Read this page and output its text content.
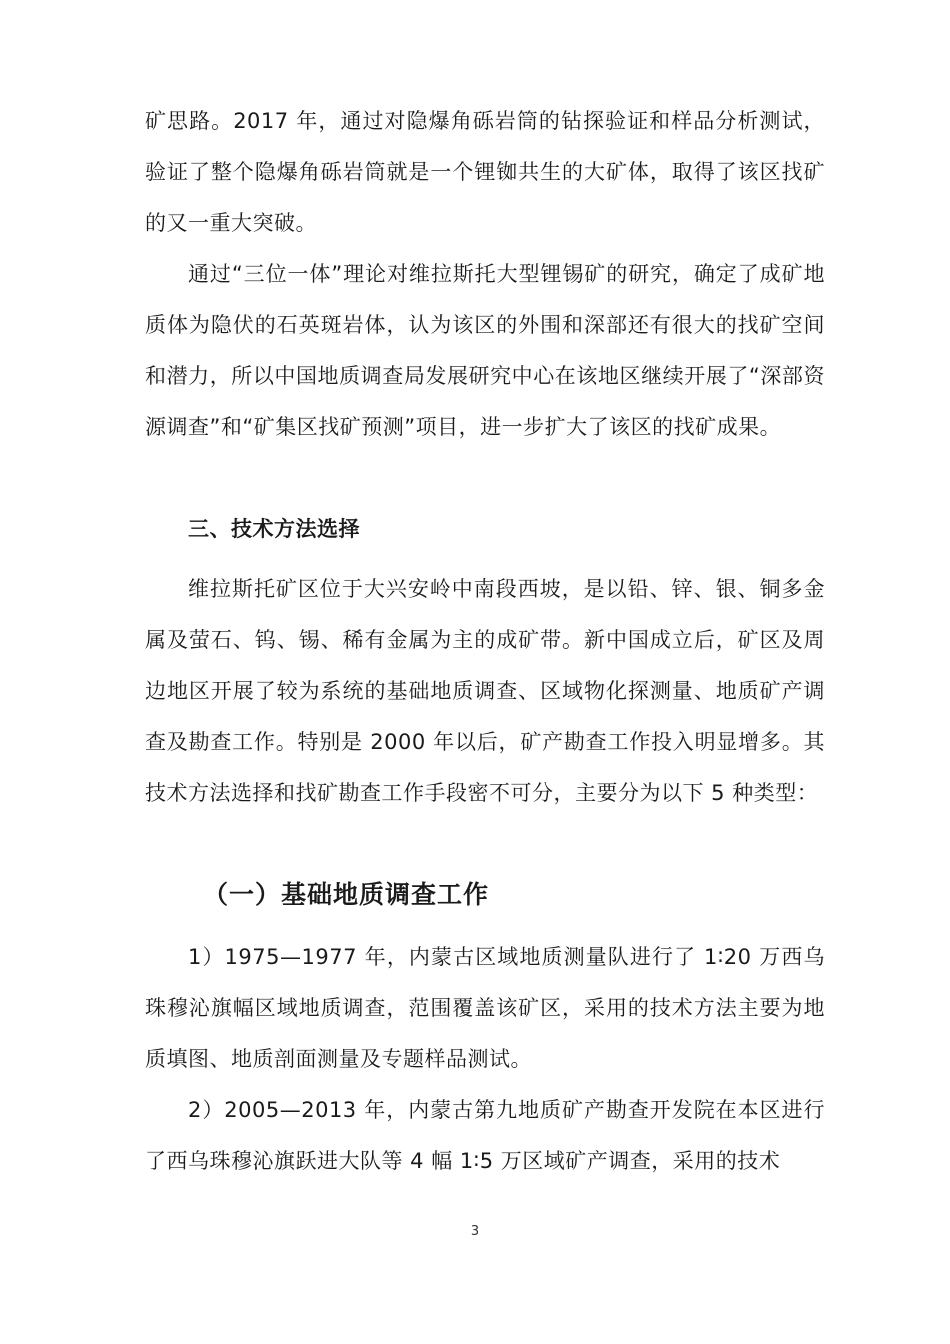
矿思路。2017 年，通过对隐爆角砾岩筒的钻探验证和样品分析测试，验证了整个隐爆角砾岩筒就是一个锂铷共生的大矿体，取得了该区找矿的又一重大突破。
通过“三位一体”理论对维拉斯托大型锂锡矿的研究，确定了成矿地质体为隐伏的石英斑岩体，认为该区的外围和深部还有很大的找矿空间和潜力，所以中国地质调查局发展研究中心在该地区继续开展了“深部资源调查”和“矿集区找矿预测”项目，进一步扩大了该区的找矿成果。
三、技术方法选择
维拉斯托矿区位于大兴安岭中南段西坡，是以铅、锌、银、铜多金属及萤石、钨、锡、稀有金属为主的成矿带。新中国成立后，矿区及周边地区开展了较为系统的基础地质调查、区域物化探测量、地质矿产调查及勘查工作。特别是 2000 年以后，矿产勘查工作投入明显增多。其技术方法选择和找矿勘查工作手段密不可分，主要分为以下 5 种类型：
（一）基础地质调查工作
1）1975—1977 年，内蒙古区域地质测量队进行了 1∶20 万西乌珠穆沁旗幅区域地质调查，范围覆盖该矿区，采用的技术方法主要为地质填图、地质剖面测量及专题样品测试。
2）2005—2013 年，内蒙古第九地质矿产勘查开发院在本区进行了西乌珠穆沁旗跃进大队等 4 幅 1∶5 万区域矿产调查，采用的技术
3
